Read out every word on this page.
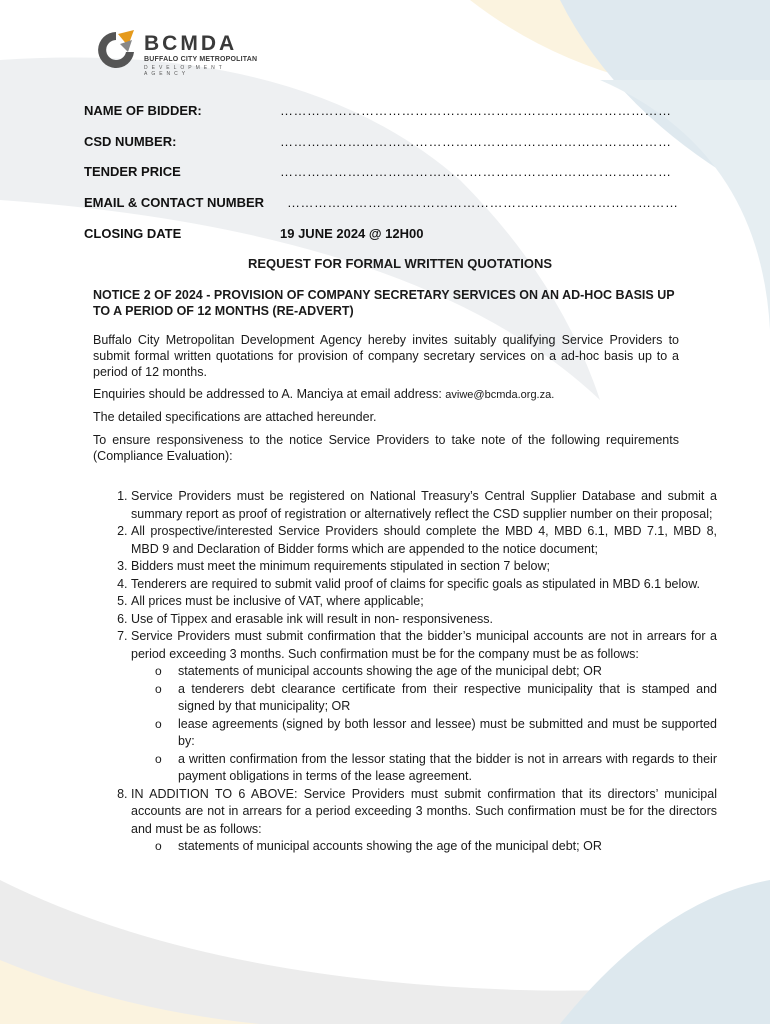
BCMDA
BUFFALO CITY METROPOLITAN
DEVELOPMENT AGENCY
NAME OF BIDDER:	……………………………………………………………………………
CSD NUMBER:	……………………………………………………………………………
TENDER PRICE	……………………………………………………………………………
EMAIL & CONTACT NUMBER ……………………………………………………………………………
CLOSING DATE	19 JUNE 2024 @ 12H00
REQUEST FOR FORMAL WRITTEN QUOTATIONS
NOTICE 2 OF 2024 - PROVISION OF COMPANY SECRETARY SERVICES ON AN AD-HOC BASIS UP TO A PERIOD OF 12 MONTHS (RE-ADVERT)
Buffalo City Metropolitan Development Agency hereby invites suitably qualifying Service Providers to submit formal written quotations for provision of company secretary services on a ad-hoc basis up to a period of 12 months.
Enquiries should be addressed to A. Manciya at email address: aviwe@bcmda.org.za.
The detailed specifications are attached hereunder.
To ensure responsiveness to the notice Service Providers to take note of the following requirements (Compliance Evaluation):
1. Service Providers must be registered on National Treasury’s Central Supplier Database and submit a summary report as proof of registration or alternatively reflect the CSD supplier number on their proposal;
2. All prospective/interested Service Providers should complete the MBD 4, MBD 6.1, MBD 7.1, MBD 8, MBD 9 and Declaration of Bidder forms which are appended to the notice document;
3. Bidders must meet the minimum requirements stipulated in section 7 below;
4. Tenderers are required to submit valid proof of claims for specific goals as stipulated in MBD 6.1 below.
5. All prices must be inclusive of VAT, where applicable;
6. Use of Tippex and erasable ink will result in non- responsiveness.
7. Service Providers must submit confirmation that the bidder’s municipal accounts are not in arrears for a period exceeding 3 months. Such confirmation must be for the company must be as follows:
o statements of municipal accounts showing the age of the municipal debt; OR
o a tenderers debt clearance certificate from their respective municipality that is stamped and signed by that municipality; OR
o lease agreements (signed by both lessor and lessee) must be submitted and must be supported by:
o a written confirmation from the lessor stating that the bidder is not in arrears with regards to their payment obligations in terms of the lease agreement.
8. IN ADDITION TO 6 ABOVE: Service Providers must submit confirmation that its directors’ municipal accounts are not in arrears for a period exceeding 3 months. Such confirmation must be for the directors and must be as follows:
o statements of municipal accounts showing the age of the municipal debt; OR
